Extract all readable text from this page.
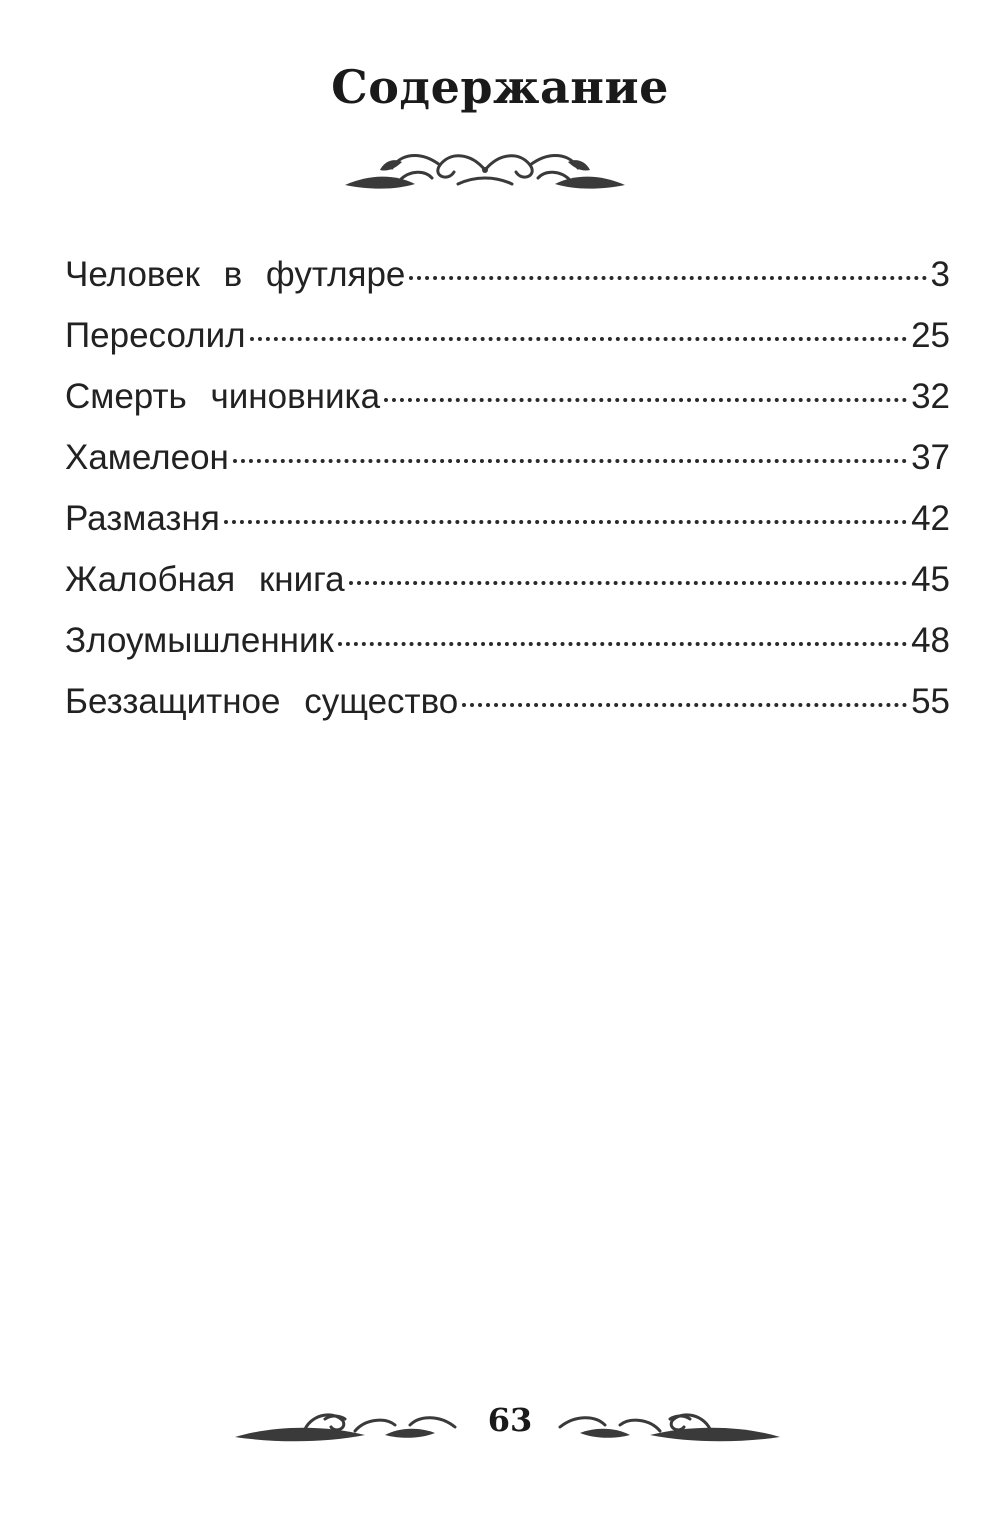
Содержание
Человек в футляре	3
Пересолил	25
Смерть чиновника	32
Хамелеон	37
Размазня	42
Жалобная книга	45
Злоумышленник	48
Беззащитное существо	55
63
